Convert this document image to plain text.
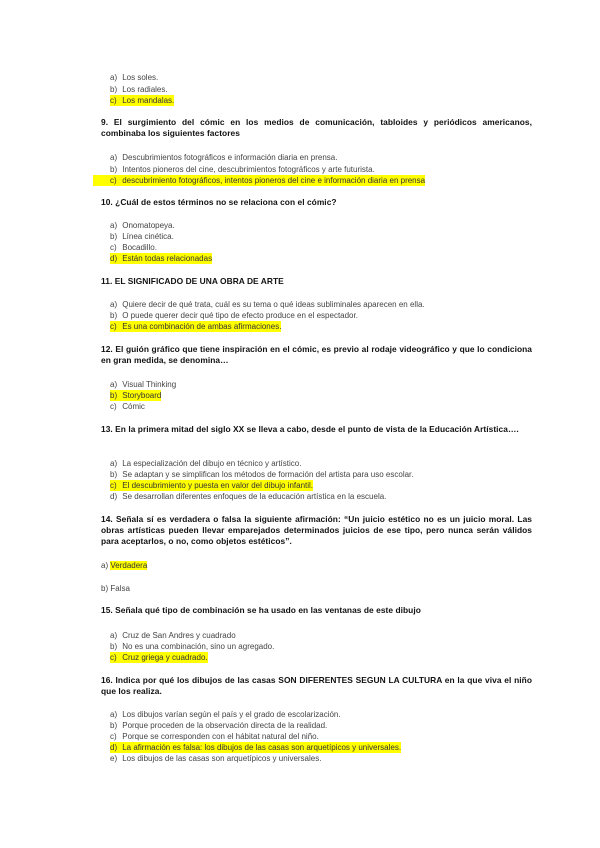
a) Los soles.
b) Los radiales.
c) Los mandalas.
9. El surgimiento del cómic en los medios de comunicación, tabloides y periódicos americanos, combinaba los siguientes factores
a) Descubrimientos fotográficos e información diaria en prensa.
b) Intentos pioneros del cine, descubrimientos fotográficos y arte futurista.
c) descubrimiento fotográficos, intentos pioneros del cine e información diaria en prensa
10. ¿Cuál de estos términos no se relaciona con el cómic?
a) Onomatopeya.
b) Línea cinética.
c) Bocadillo.
d) Están todas relacionadas
11. EL SIGNIFICADO DE UNA OBRA DE ARTE
a) Quiere decir de qué trata, cuál es su tema o qué ideas subliminales aparecen en ella.
b) O puede querer decir qué tipo de efecto produce en el espectador.
c) Es una combinación de ambas afirmaciones.
12. El guión gráfico que tiene inspiración en el cómic, es previo al rodaje videográfico y que lo condiciona en gran medida, se denomina…
a) Visual Thinking
b) Storyboard
c) Cómic
13. En la primera mitad del siglo XX se lleva a cabo, desde el punto de vista de la Educación Artística….
a) La especialización del dibujo en técnico y artístico.
b) Se adaptan y se simplifican los métodos de formación del artista para uso escolar.
c) El descubrimiento y puesta en valor del dibujo infantil.
d) Se desarrollan diferentes enfoques de la educación artística en la escuela.
14. Señala sí es verdadera o falsa la siguiente afirmación: “Un juicio estético no es un juicio moral. Las obras artísticas pueden llevar emparejados determinados juicios de ese tipo, pero nunca serán válidos para aceptarlos, o no, como objetos estéticos”.
a) Verdadera
b) Falsa
15. Señala qué tipo de combinación se ha usado en las ventanas de este dibujo
a) Cruz de San Andres y cuadrado
b) No es una combinación, sino un agregado.
c) Cruz griega y cuadrado.
16. Indica por qué los dibujos de las casas SON DIFERENTES SEGUN LA CULTURA en la que viva el niño que los realiza.
a) Los dibujos varían según el país y el grado de escolarización.
b) Porque proceden de la observación directa de la realidad.
c) Porque se corresponden con el hábitat natural del niño.
d) La afirmación es falsa: los dibujos de las casas son arquetípicos y universales.
e) Los dibujos de las casas son arquetípicos y universales.
